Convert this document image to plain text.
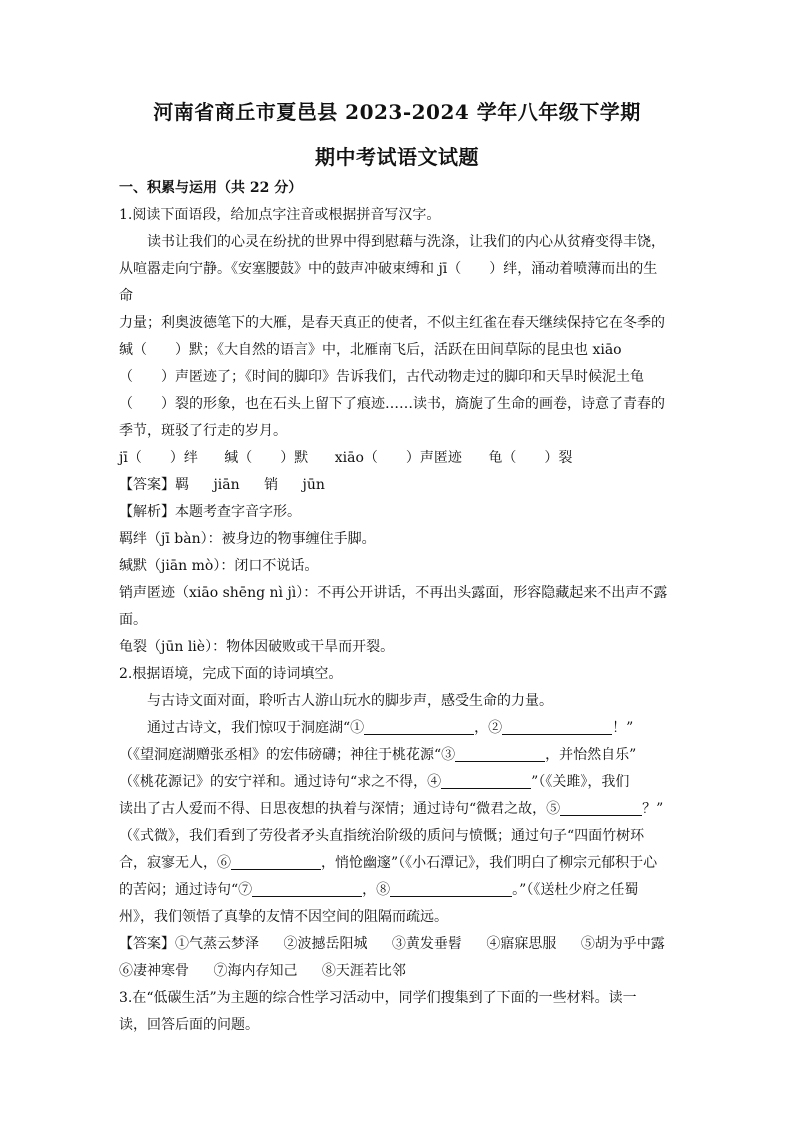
河南省商丘市夏邑县 2023-2024 学年八年级下学期
期中考试语文试题

一、积累与运用（共 22 分）

1.阅读下面语段，给加点字注音或根据拼音写汉字。

读书让我们的心灵在纷扰的世界中得到慰藉与洗涤，让我们的内心从贫瘠变得丰饶，

从喧嚣走向宁静。《安塞腰鼓》中的鼓声冲破束缚和 jī（　　）绊，涌动着喷薄而出的生命

力量；利奥波德笔下的大雁，是春天真正的使者，不似主红雀在春天继续保持它在冬季的

缄（　　）默；《大自然的语言》中，北雁南飞后，活跃在田间草际的昆虫也 xiāo

（　　）声匿迹了；《时间的脚印》告诉我们，古代动物走过的脚印和天旱时候泥土龟

（　　）裂的形象，也在石头上留下了痕迹……读书，旖旎了生命的画卷，诗意了青春的

季节，斑驳了行走的岁月。

jī（　　）绊 缄（　　）默 xiāo（　　）声匿迹 龟（　　）裂

【答案】羁 jiān 销 jūn

【解析】本题考查字音字形。

羁绊（jī bàn）：被身边的物事缠住手脚。

缄默（jiān mò）：闭口不说话。

销声匿迹（xiāo shēng nì jì）：不再公开讲话，不再出头露面，形容隐藏起来不出声不露

面。

龟裂（jūn liè）：物体因破败或干旱而开裂。

2.根据语境，完成下面的诗词填空。

与古诗文面对面，聆听古人游山玩水的脚步声，感受生命的力量。

通过古诗文，我们惊叹于洞庭湖“①	，②	！”

（《望洞庭湖赠张丞相》的宏伟磅礴；神往于桃花源“③	，并怡然自乐”

（《桃花源记》的安宁祥和。通过诗句“求之不得，④	”（《关雎》，我们

读出了古人爱而不得、日思夜想的执着与深情；通过诗句“微君之故，⑤	？”

（《式微》，我们看到了劳役者矛头直指统治阶级的质问与愤慨；通过句子“四面竹树环

合，寂寥无人，⑥	，悄怆幽邃”（《小石潭记》，我们明白了柳宗元郁积于心

的苦闷；通过诗句“⑦	，⑧	。”（《送杜少府之任蜀

州》，我们领悟了真挚的友情不因空间的阻隔而疏远。

【答案】①气蒸云梦泽 ②波撼岳阳城 ③黄发垂髫 ④寤寐思服 ⑤胡为乎中露

⑥凄神寒骨 ⑦海内存知己 ⑧天涯若比邻

3.在“低碳生活”为主题的综合性学习活动中，同学们搜集到了下面的一些材料。读一

读，回答后面的问题。
